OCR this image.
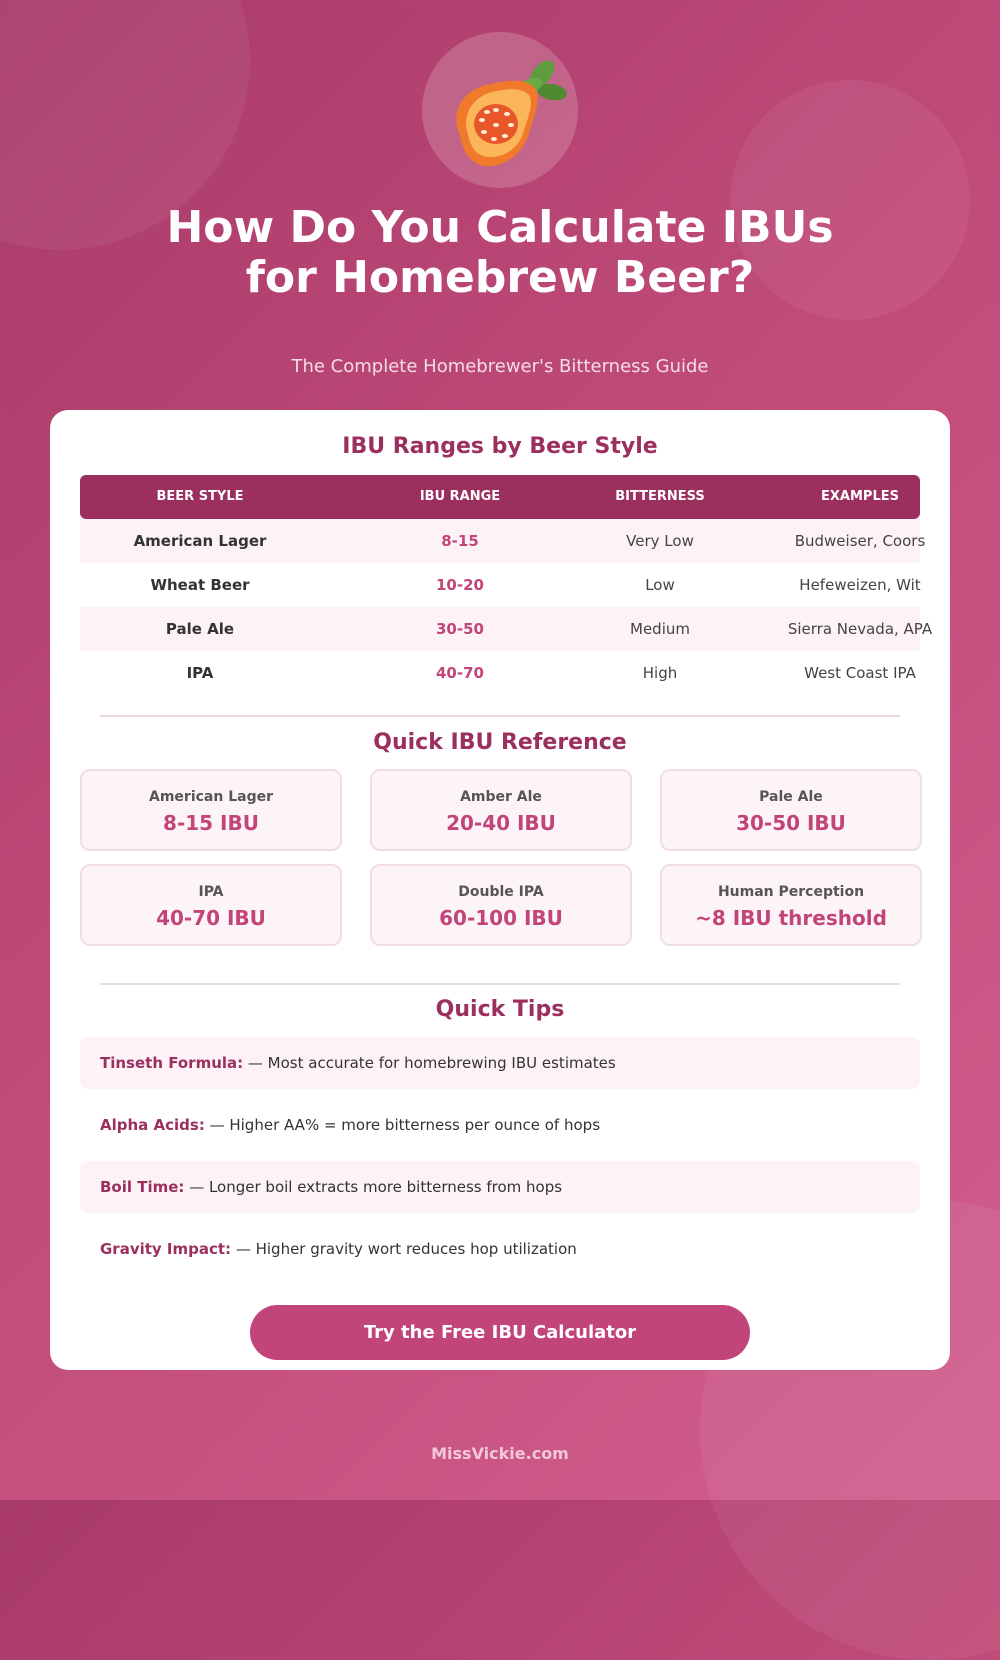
How Do You Calculate IBUs
for Homebrew Beer?
The Complete Homebrewer's Bitterness Guide
IBU Ranges by Beer Style
BEER STYLE	IBU RANGE	BITTERNESS	EXAMPLES
American Lager	8-15	Very Low	Budweiser, Coors
Wheat Beer	10-20	Low	Hefeweizen, Wit
Pale Ale	30-50	Medium	Sierra Nevada, APA
IPA	40-70	High	West Coast IPA
Quick IBU Reference
American Lager
8-15 IBU
Amber Ale
20-40 IBU
Pale Ale
30-50 IBU
IPA
40-70 IBU
Double IPA
60-100 IBU
Human Perception
~8 IBU threshold
Quick Tips
Tinseth Formula: — Most accurate for homebrewing IBU estimates
Alpha Acids: — Higher AA% = more bitterness per ounce of hops
Boil Time: — Longer boil extracts more bitterness from hops
Gravity Impact: — Higher gravity wort reduces hop utilization
Try the Free IBU Calculator
MissVickie.com
